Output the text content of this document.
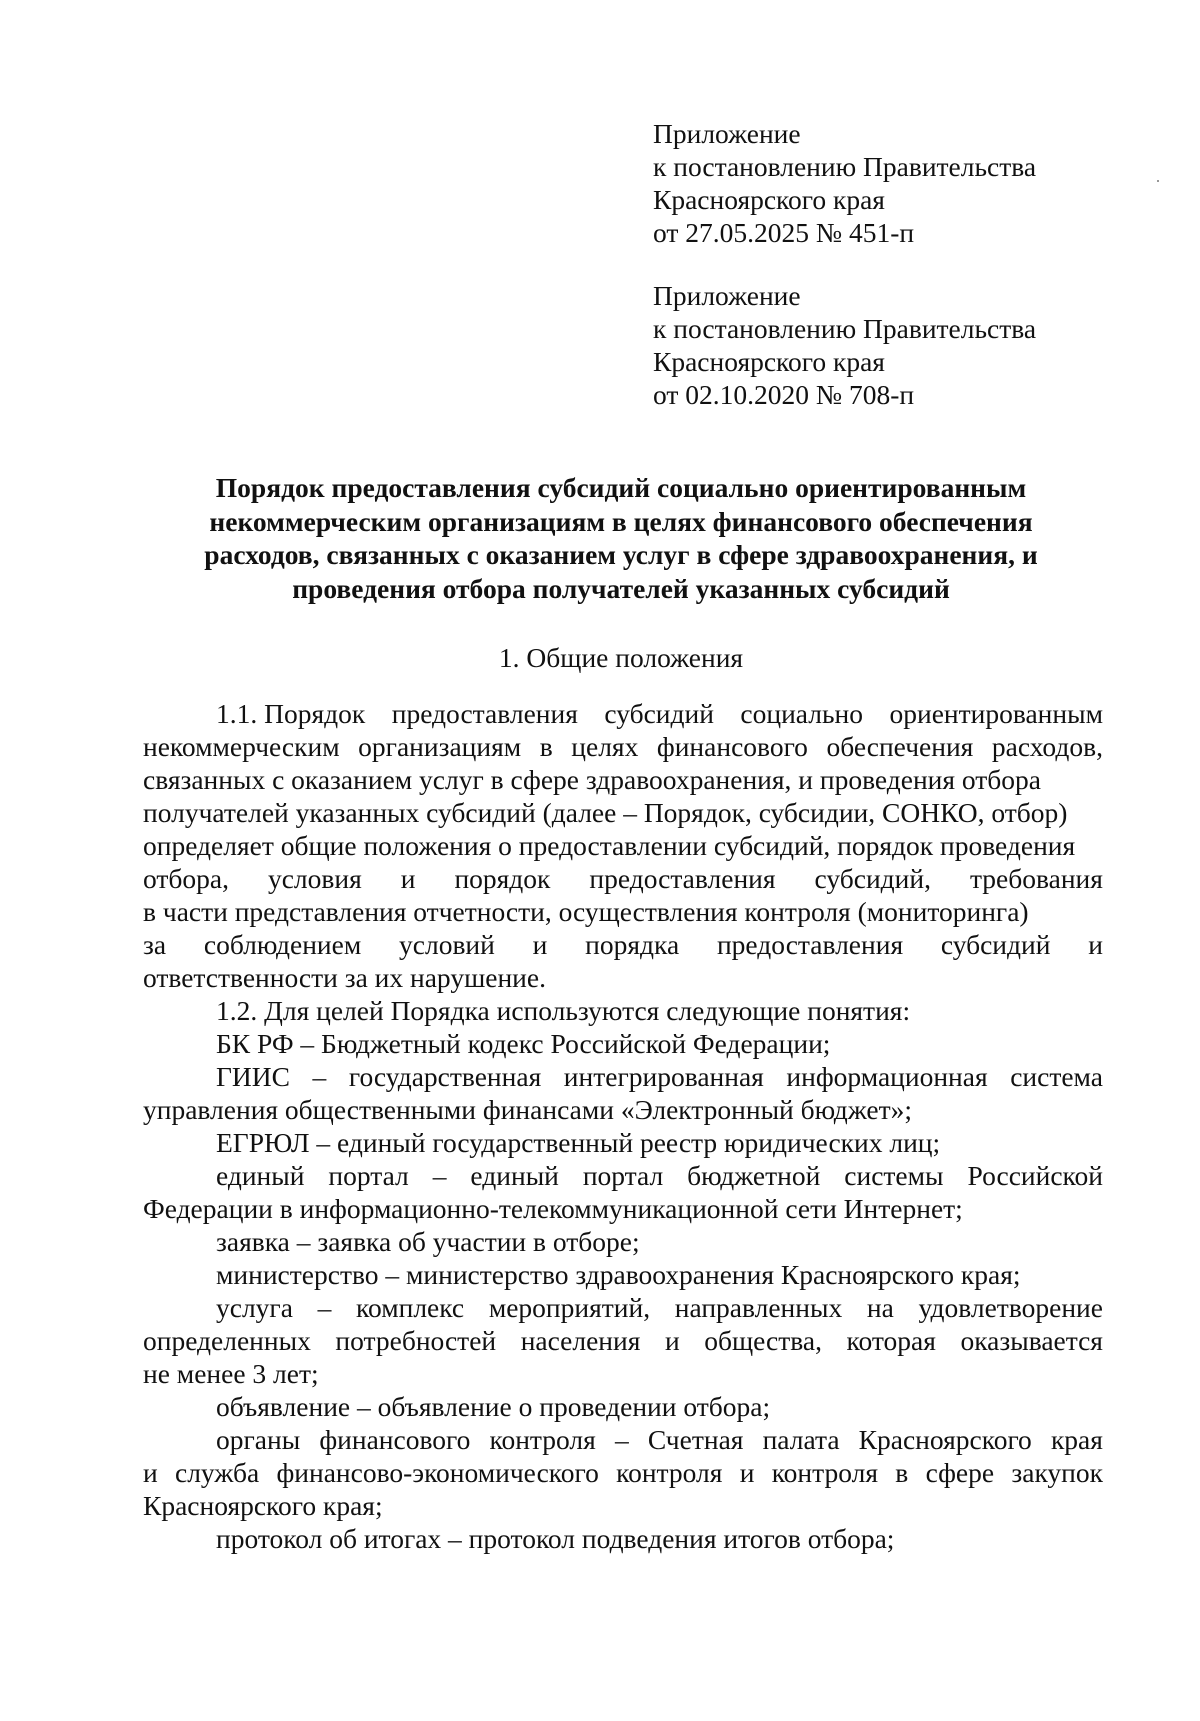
Приложение
к постановлению Правительства
Красноярского края
от 27.05.2025 № 451-п
Приложение
к постановлению Правительства
Красноярского края
от 02.10.2020 № 708-п
Порядок предоставления субсидий социально ориентированным
некоммерческим организациям в целях финансового обеспечения
расходов, связанных с оказанием услуг в сфере здравоохранения, и
проведения отбора получателей указанных субсидий
1. Общие положения
1.1. Порядок предоставления субсидий социально ориентированным
некоммерческим организациям в целях финансового обеспечения расходов,
связанных с оказанием услуг в сфере здравоохранения, и проведения отбора
получателей указанных субсидий (далее – Порядок, субсидии, СОНКО, отбор)
определяет общие положения о предоставлении субсидий, порядок проведения
отбора, условия и порядок предоставления субсидий, требования
в части представления отчетности, осуществления контроля (мониторинга)
за соблюдением условий и порядка предоставления субсидий и
ответственности за их нарушение.
1.2. Для целей Порядка используются следующие понятия:
БК РФ – Бюджетный кодекс Российской Федерации;
ГИИС – государственная интегрированная информационная система
управления общественными финансами «Электронный бюджет»;
ЕГРЮЛ – единый государственный реестр юридических лиц;
единый портал – единый портал бюджетной системы Российской
Федерации в информационно-телекоммуникационной сети Интернет;
заявка – заявка об участии в отборе;
министерство – министерство здравоохранения Красноярского края;
услуга – комплекс мероприятий, направленных на удовлетворение
определенных потребностей населения и общества, которая оказывается
не менее 3 лет;
объявление – объявление о проведении отбора;
органы финансового контроля – Счетная палата Красноярского края
и служба финансово-экономического контроля и контроля в сфере закупок
Красноярского края;
протокол об итогах – протокол подведения итогов отбора;
